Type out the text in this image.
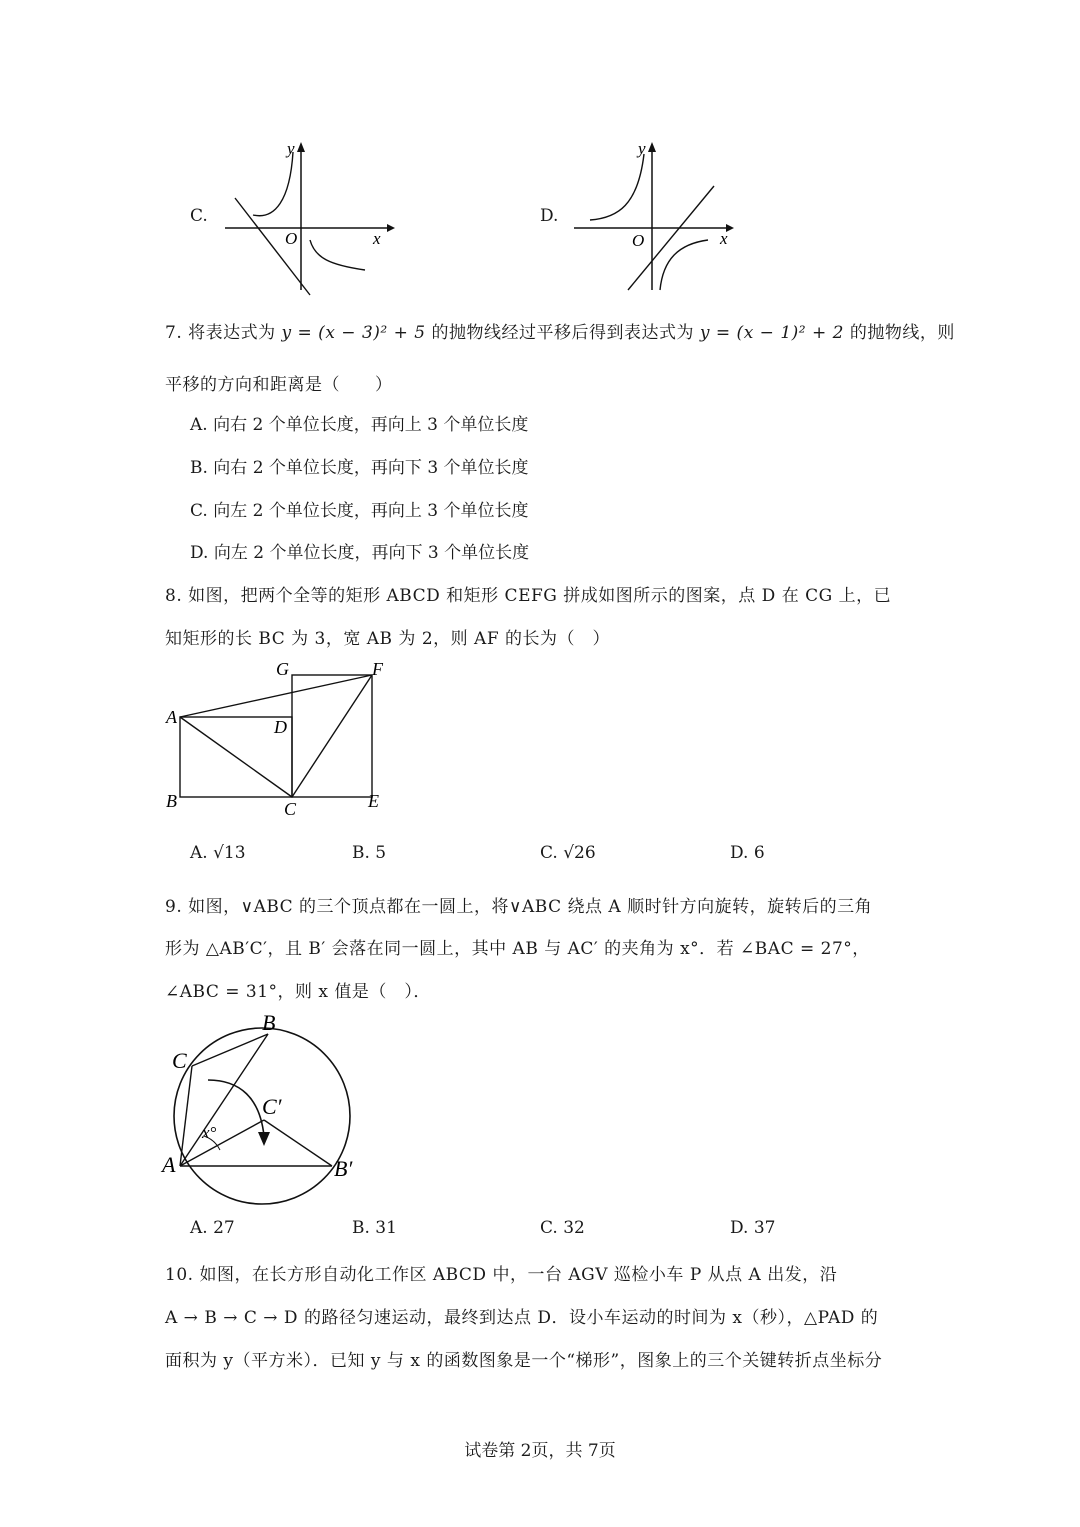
C.
y
x
O
D.
y
x
O
7. 将表达式为 y = (x − 3)² + 5 的抛物线经过平移后得到表达式为 y = (x − 1)² + 2 的抛物线，则
平移的方向和距离是（　　）
A. 向右 2 个单位长度，再向上 3 个单位长度
B. 向右 2 个单位长度，再向下 3 个单位长度
C. 向左 2 个单位长度，再向上 3 个单位长度
D. 向左 2 个单位长度，再向下 3 个单位长度
8. 如图，把两个全等的矩形 ABCD 和矩形 CEFG 拼成如图所示的图案，点 D 在 CG 上，已
知矩形的长 BC 为 3，宽 AB 为 2，则 AF 的长为（　）
A
B	C
D
E
F
G
A. √13	B. 5	C. √26	D. 6
9. 如图，∨ABC 的三个顶点都在一圆上，将∨ABC 绕点 A 顺时针方向旋转，旋转后的三角
形为 △AB′C′，且 B′ 会落在同一圆上，其中 AB 与 AC′ 的夹角为 x°．若 ∠BAC = 27°，
∠ABC = 31°，则 x 值是（　）．
A
B
C
C′
B′
x°
A. 27	B. 31	C. 32	D. 37
10. 如图，在长方形自动化工作区 ABCD 中，一台 AGV 巡检小车 P 从点 A 出发，沿
A → B → C → D 的路径匀速运动，最终到达点 D．设小车运动的时间为 x（秒），△PAD 的
面积为 y（平方米）．已知 y 与 x 的函数图象是一个“梯形”，图象上的三个关键转折点坐标分
试卷第 2页，共 7页
